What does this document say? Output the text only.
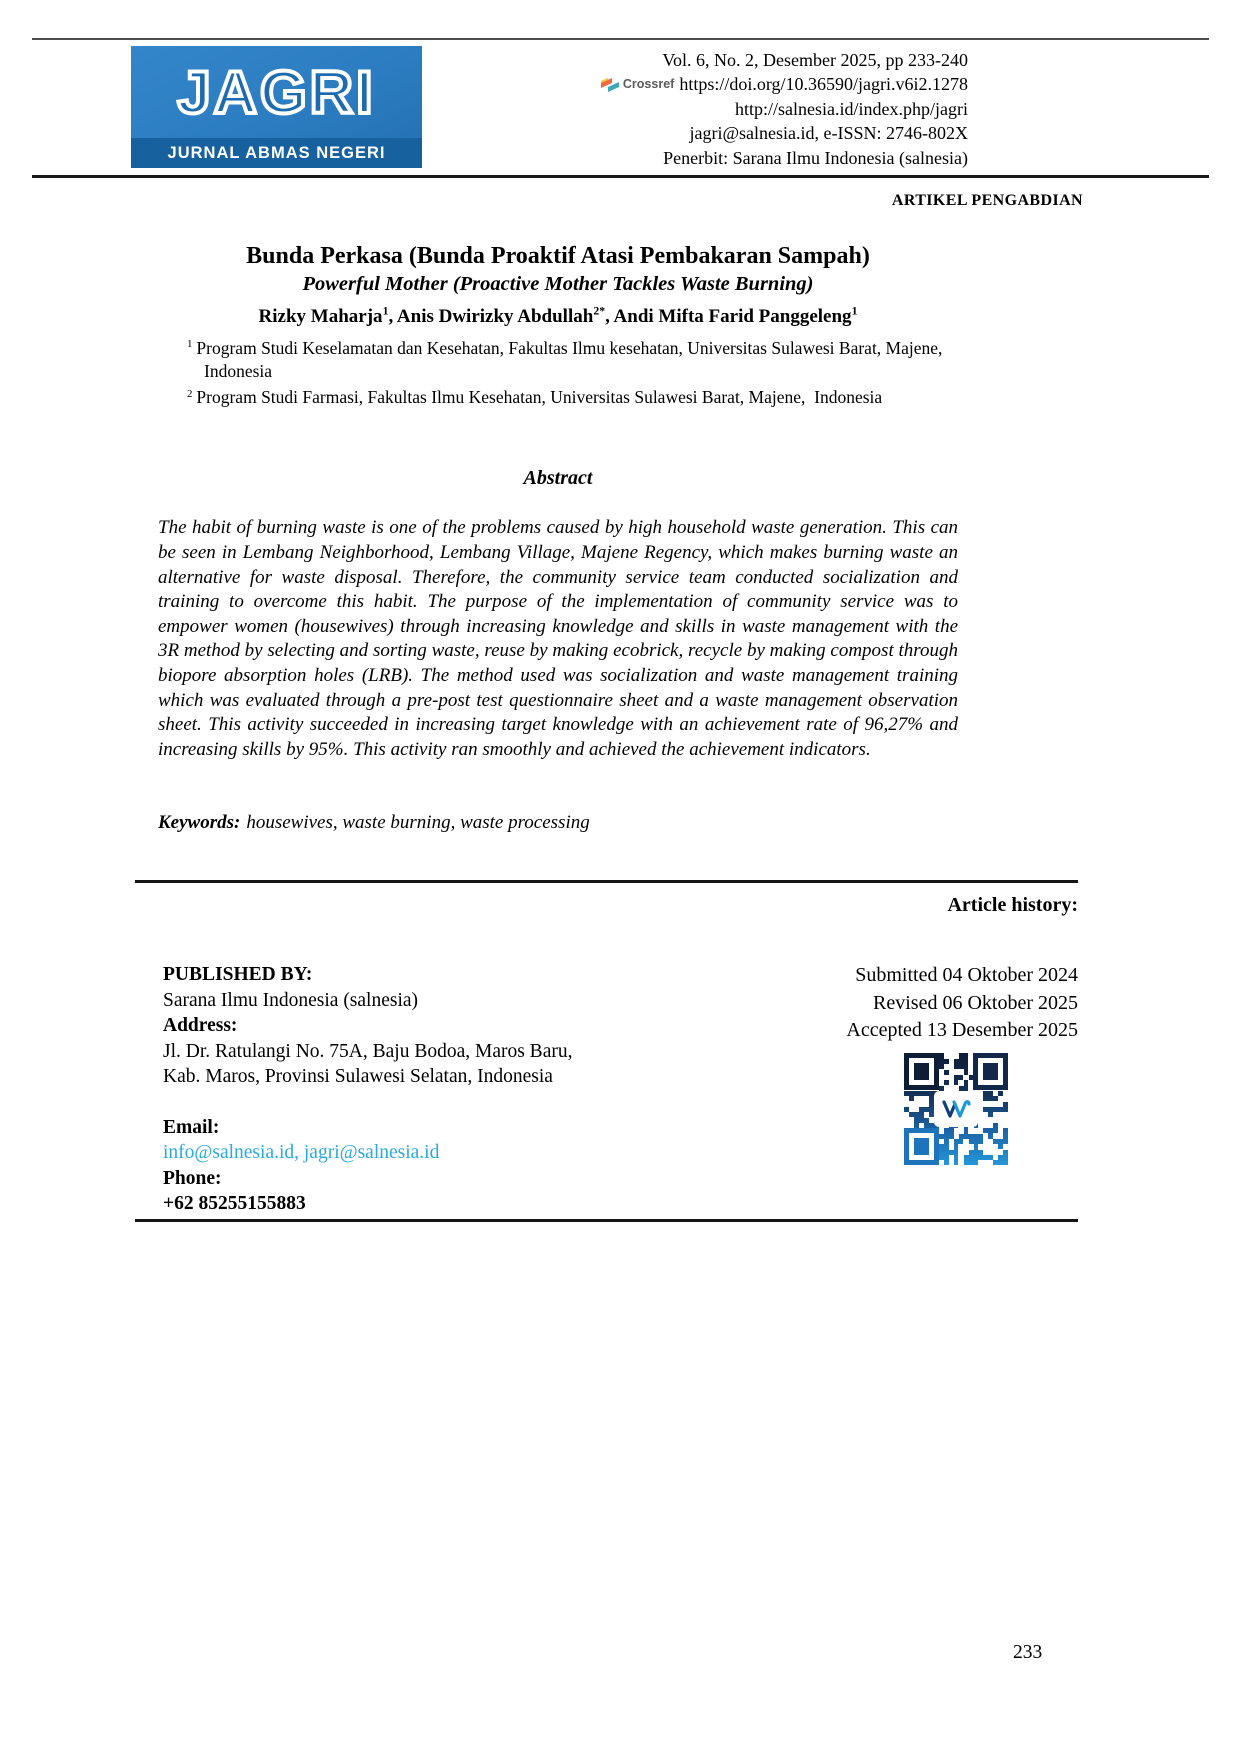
JAGRI
JURNAL ABMAS NEGERI
Vol. 6, No. 2, Desember 2025, pp 233-240
Crossref https://doi.org/10.36590/jagri.v6i2.1278
http://salnesia.id/index.php/jagri
jagri@salnesia.id, e-ISSN: 2746-802X
Penerbit: Sarana Ilmu Indonesia (salnesia)
ARTIKEL PENGABDIAN
Bunda Perkasa (Bunda Proaktif Atasi Pembakaran Sampah)
Powerful Mother (Proactive Mother Tackles Waste Burning)
Rizky Maharja$^1$, Anis Dwirizky Abdullah$^{2*}$, Andi Mifta Farid Panggeleng$^1$
$^1$ Program Studi Keselamatan dan Kesehatan, Fakultas Ilmu kesehatan, Universitas Sulawesi Barat, Majene, Indonesia
$^2$ Program Studi Farmasi, Fakultas Ilmu Kesehatan, Universitas Sulawesi Barat, Majene,  Indonesia
Abstract

The habit of burning waste is one of the problems caused by high household waste generation. This can be seen in Lembang Neighborhood, Lembang Village, Majene Regency, which makes burning waste an alternative for waste disposal. Therefore, the community service team conducted socialization and training to overcome this habit. The purpose of the implementation of community service was to empower women (housewives) through increasing knowledge and skills in waste management with the 3R method by selecting and sorting waste, reuse by making ecobrick, recycle by making compost through biopore absorption holes (LRB). The method used was socialization and waste management training which was evaluated through a pre-post test questionnaire sheet and a waste management observation sheet. This activity succeeded in increasing target knowledge with an achievement rate of 96,27% and increasing skills by 95%. This activity ran smoothly and achieved the achievement indicators.

Keywords: housewives, waste burning, waste processing

Article history:
PUBLISHED BY:
Sarana Ilmu Indonesia (salnesia)
Address:
Jl. Dr. Ratulangi No. 75A, Baju Bodoa, Maros Baru,
Kab. Maros, Provinsi Sulawesi Selatan, Indonesia
Email:
info@salnesia.id, jagri@salnesia.id
Phone:
+62 85255155883
Submitted 04 Oktober 2024
Revised 06 Oktober 2025
Accepted 13 Desember 2025
233
